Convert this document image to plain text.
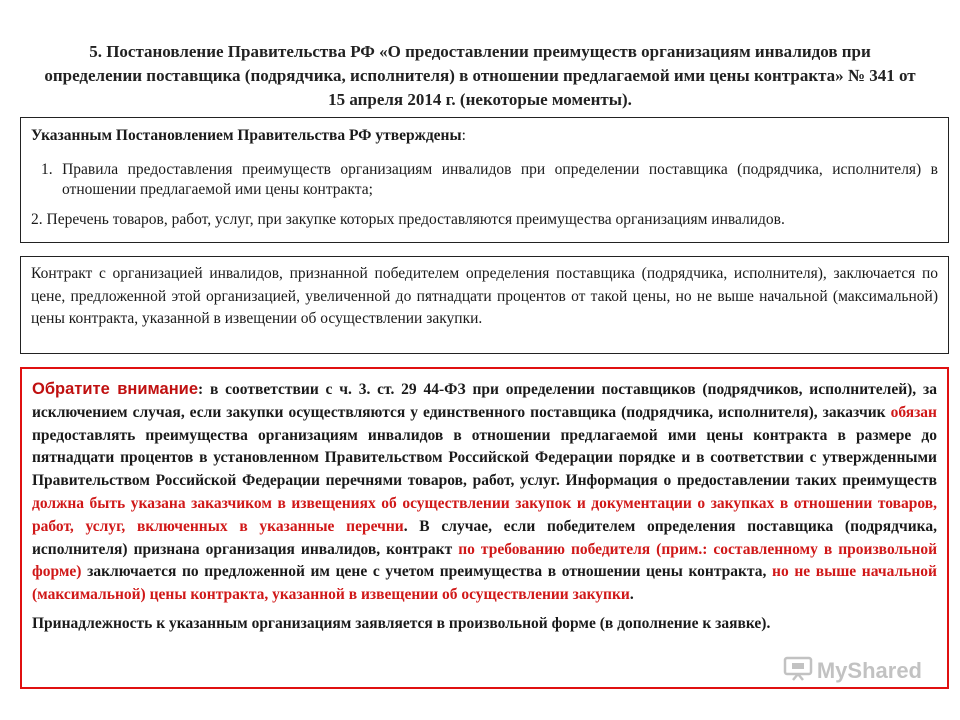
5. Постановление Правительства РФ «О предоставлении преимуществ организациям инвалидов при определении поставщика (подрядчика, исполнителя) в отношении предлагаемой ими цены контракта» № 341 от 15 апреля 2014 г. (некоторые моменты).

Указанным Постановлением Правительства РФ утверждены:

1. Правила предоставления преимуществ организациям инвалидов при определении поставщика (подрядчика, исполнителя) в отношении предлагаемой ими цены контракта;

2. Перечень товаров, работ, услуг, при закупке которых предоставляются преимущества организациям инвалидов.

Контракт с организацией инвалидов, признанной победителем определения поставщика (подрядчика, исполнителя), заключается по цене, предложенной этой организацией, увеличенной до пятнадцати процентов от такой цены, но не выше начальной (максимальной) цены контракта, указанной в извещении об осуществлении закупки.

Обратите внимание: в соответствии с ч. 3. ст. 29 44-ФЗ при определении поставщиков (подрядчиков, исполнителей), за исключением случая, если закупки осуществляются у единственного поставщика (подрядчика, исполнителя), заказчик обязан предоставлять преимущества организациям инвалидов в отношении предлагаемой ими цены контракта в размере до пятнадцати процентов в установленном Правительством Российской Федерации порядке и в соответствии с утвержденными Правительством Российской Федерации перечнями товаров, работ, услуг. Информация о предоставлении таких преимуществ должна быть указана заказчиком в извещениях об осуществлении закупок и документации о закупках в отношении товаров, работ, услуг, включенных в указанные перечни. В случае, если победителем определения поставщика (подрядчика, исполнителя) признана организация инвалидов, контракт по требованию победителя (прим.: составленному в произвольной форме) заключается по предложенной им цене с учетом преимущества в отношении цены контракта, но не выше начальной (максимальной) цены контракта, указанной в извещении об осуществлении закупки.

Принадлежность к указанным организациям заявляется в произвольной форме (в дополнение к заявке).

MyShared
